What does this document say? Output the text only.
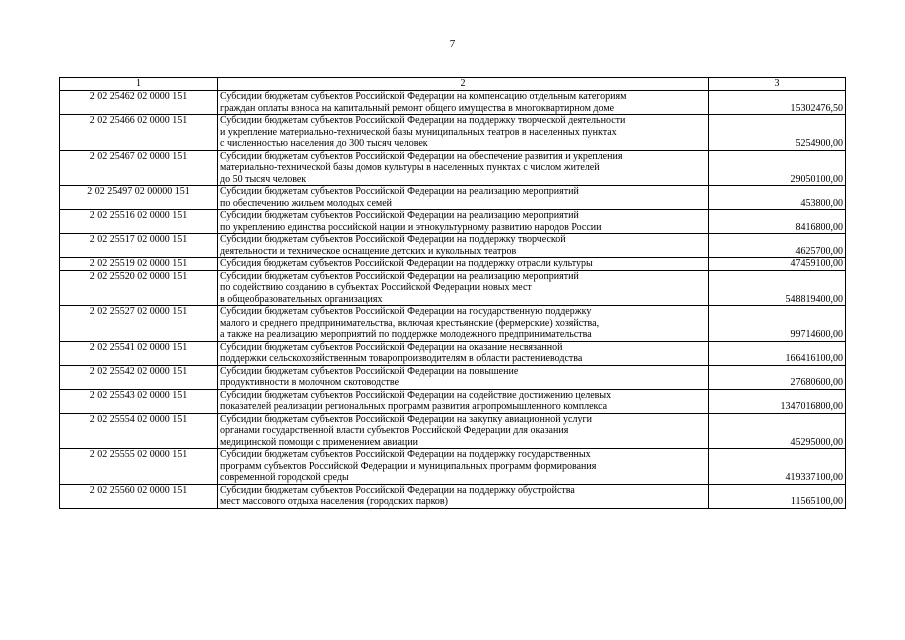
7
1	2	3
2 02 25462 02 0000 151	Субсидии бюджетам субъектов Российской Федерации на компенсацию отдельным категориям
граждан оплаты взноса на капитальный ремонт общего имущества в многоквартирном доме	15302476,50
2 02 25466 02 0000 151	Субсидии бюджетам субъектов Российской Федерации на поддержку творческой деятельности
и укрепление материально-технической базы муниципальных театров в населенных пунктах
с численностью населения до 300 тысяч человек	5254900,00
2 02 25467 02 0000 151	Субсидии бюджетам субъектов Российской Федерации на обеспечение развития и укрепления
материально-технической базы домов культуры в населенных пунктах с числом жителей
до 50 тысяч человек	29050100,00
2 02 25497 02 00000 151	Субсидии бюджетам субъектов Российской Федерации на реализацию мероприятий
по обеспечению жильем молодых семей	453800,00
2 02 25516 02 0000 151	Субсидии бюджетам субъектов Российской Федерации на реализацию мероприятий
по укреплению единства российской нации и этнокультурному развитию народов России	8416800,00
2 02 25517 02 0000 151	Субсидии бюджетам субъектов Российской Федерации на поддержку творческой
деятельности и техническое оснащение детских и кукольных театров	4625700,00
2 02 25519 02 0000 151	Субсидия бюджетам субъектов Российской Федерации на поддержку отрасли культуры	47459100,00
2 02 25520 02 0000 151	Субсидии бюджетам субъектов Российской Федерации на реализацию мероприятий
по содействию созданию в субъектах Российской Федерации новых мест
в общеобразовательных организациях	548819400,00
2 02 25527 02 0000 151	Субсидии бюджетам субъектов Российской Федерации на государственную поддержку
малого и среднего предпринимательства, включая крестьянские (фермерские) хозяйства,
а также на реализацию мероприятий по поддержке молодежного предпринимательства	99714600,00
2 02 25541 02 0000 151	Субсидии бюджетам субъектов Российской Федерации на оказание несвязанной
поддержки сельскохозяйственным товаропроизводителям в области растениеводства	166416100,00
2 02 25542 02 0000 151	Субсидии бюджетам субъектов Российской Федерации на повышение
продуктивности в молочном скотоводстве	27680600,00
2 02 25543 02 0000 151	Субсидии бюджетам субъектов Российской Федерации на содействие достижению целевых
показателей реализации региональных программ развития агропромышленного комплекса	1347016800,00
2 02 25554 02 0000 151	Субсидии бюджетам субъектов Российской Федерации на закупку авиационной услуги
органами государственной власти субъектов Российской Федерации для оказания
медицинской помощи с применением авиации	45295000,00
2 02 25555 02 0000 151	Субсидии бюджетам субъектов Российской Федерации на поддержку государственных
программ субъектов Российской Федерации и муниципальных программ формирования
современной городской среды	419337100,00
2 02 25560 02 0000 151	Субсидии бюджетам субъектов Российской Федерации на поддержку обустройства
мест массового отдыха населения (городских парков)	11565100,00
